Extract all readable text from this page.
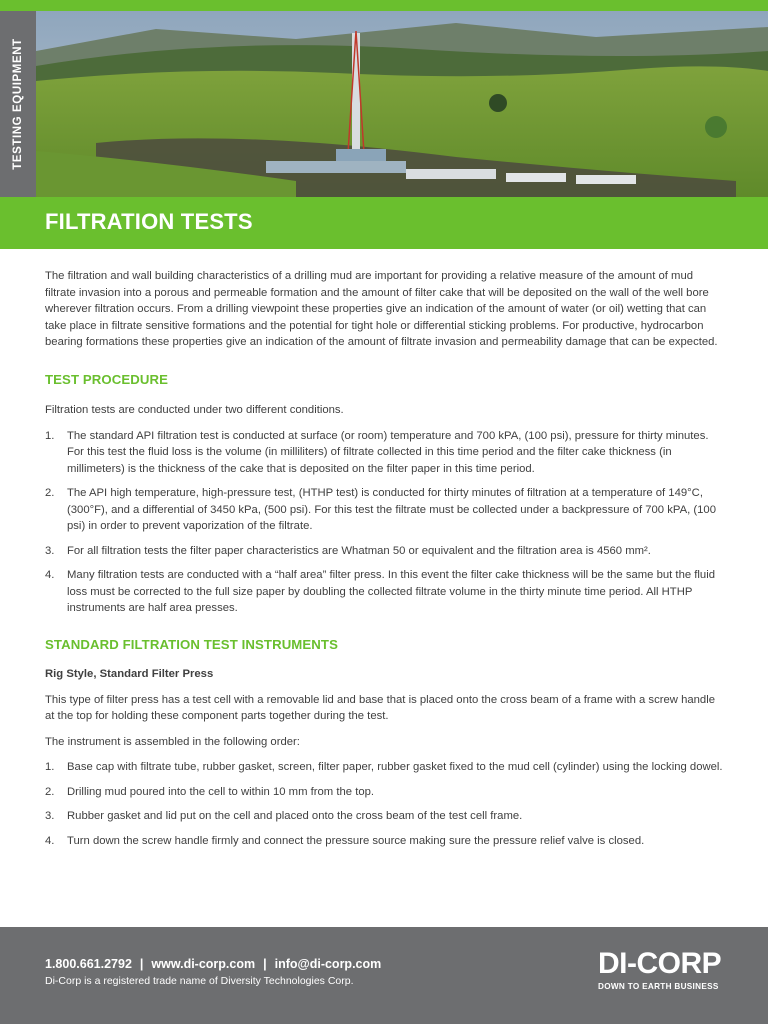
TESTING EQUIPMENT
FILTRATION TESTS

The filtration and wall building characteristics of a drilling mud are important for providing a relative measure of the amount of mud filtrate invasion into a porous and permeable formation and the amount of filter cake that will be deposited on the wall of the well bore wherever filtration occurs. From a drilling viewpoint these properties give an indication of the amount of water (or oil) wetting that can take place in filtrate sensitive formations and the potential for tight hole or differential sticking problems. For productive, hydrocarbon bearing formations these properties give an indication of the amount of filtrate invasion and permeability damage that can be expected.

TEST PROCEDURE

Filtration tests are conducted under two different conditions.

1. The standard API filtration test is conducted at surface (or room) temperature and 700 kPA, (100 psi), pressure for thirty minutes. For this test the fluid loss is the volume (in milliliters) of filtrate collected in this time period and the filter cake thickness (in millimeters) is the thickness of the cake that is deposited on the filter paper in this time period.
2. The API high temperature, high-pressure test, (HTHP test) is conducted for thirty minutes of filtration at a temperature of 149°C, (300°F), and a differential of 3450 kPa, (500 psi). For this test the filtrate must be collected under a backpressure of 700 kPA, (100 psi) in order to prevent vaporization of the filtrate.
3. For all filtration tests the filter paper characteristics are Whatman 50 or equivalent and the filtration area is 4560 mm².
4. Many filtration tests are conducted with a “half area” filter press. In this event the filter cake thickness will be the same but the fluid loss must be corrected to the full size paper by doubling the collected filtrate volume in the thirty minute time period. All HTHP instruments are half area presses.
STANDARD FILTRATION TEST INSTRUMENTS

Rig Style, Standard Filter Press

This type of filter press has a test cell with a removable lid and base that is placed onto the cross beam of a frame with a screw handle at the top for holding these component parts together during the test.

The instrument is assembled in the following order:

1. Base cap with filtrate tube, rubber gasket, screen, filter paper, rubber gasket fixed to the mud cell (cylinder) using the locking dowel.
2. Drilling mud poured into the cell to within 10 mm from the top.
3. Rubber gasket and lid put on the cell and placed onto the cross beam of the test cell frame.
4. Turn down the screw handle firmly and connect the pressure source making sure the pressure relief valve is closed.
1.800.661.2792 | www.di-corp.com | info@di-corp.com
Di-Corp is a registered trade name of Diversity Technologies Corp.
DI-CORP
DOWN TO EARTH BUSINESS
